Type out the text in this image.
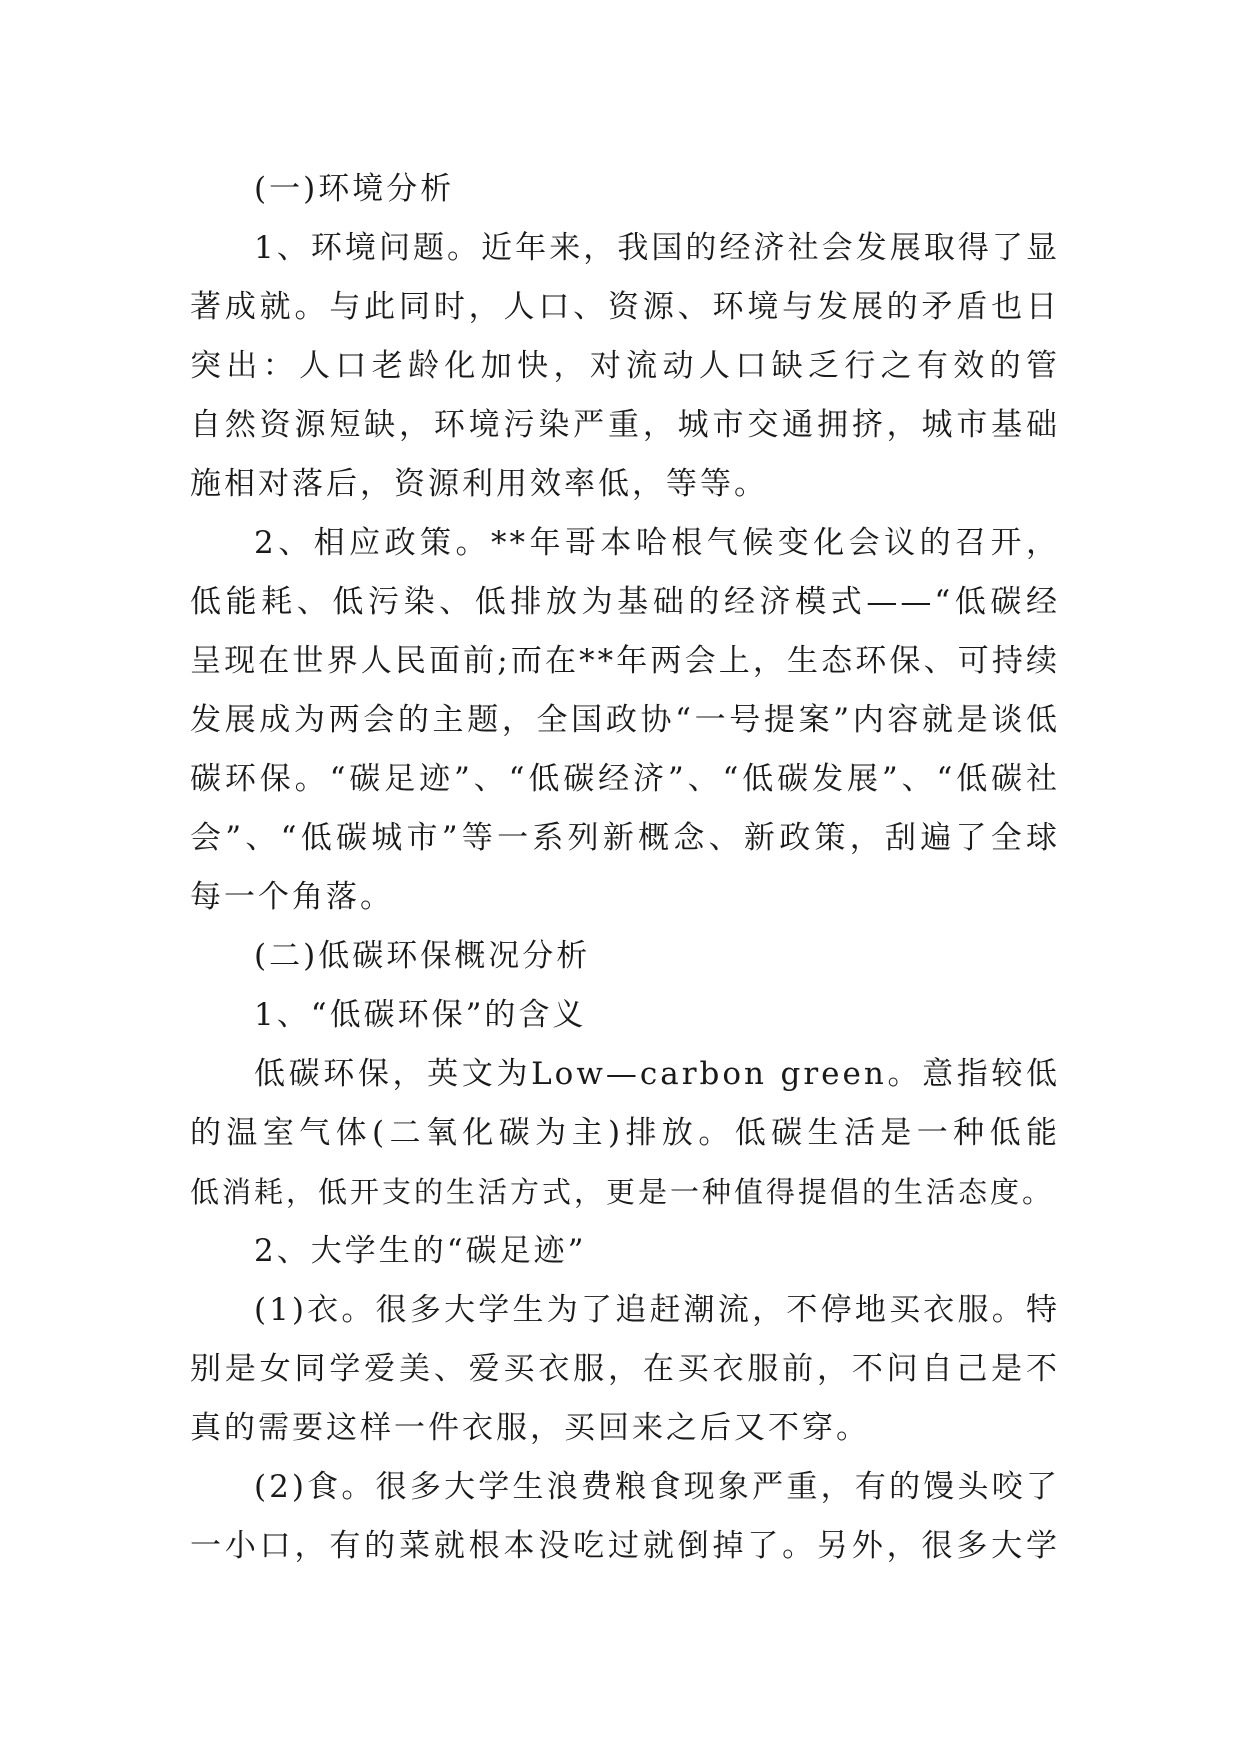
(一)环境分析
1、环境问题。近年来，我国的经济社会发展取得了显
著成就。与此同时，人口、资源、环境与发展的矛盾也日
突出：人口老龄化加快，对流动人口缺乏行之有效的管
自然资源短缺，环境污染严重，城市交通拥挤，城市基础
施相对落后，资源利用效率低，等等。
2、相应政策。**年哥本哈根气候变化会议的召开，
低能耗、低污染、低排放为基础的经济模式——“低碳经
呈现在世界人民面前;而在**年两会上，生态环保、可持续
发展成为两会的主题，全国政协“一号提案”内容就是谈低
碳环保。“碳足迹”、“低碳经济”、“低碳发展”、“低碳社
会”、“低碳城市”等一系列新概念、新政策，刮遍了全球
每一个角落。
(二)低碳环保概况分析
1、“低碳环保”的含义
低碳环保，英文为Low—carbon green。意指较低
的温室气体(二氧化碳为主)排放。低碳生活是一种低能
低消耗，低开支的生活方式，更是一种值得提倡的生活态度。
2、大学生的“碳足迹”
(1)衣。很多大学生为了追赶潮流，不停地买衣服。特
别是女同学爱美、爱买衣服，在买衣服前，不问自己是不
真的需要这样一件衣服，买回来之后又不穿。
(2)食。很多大学生浪费粮食现象严重，有的馒头咬了
一小口，有的菜就根本没吃过就倒掉了。另外，很多大学
